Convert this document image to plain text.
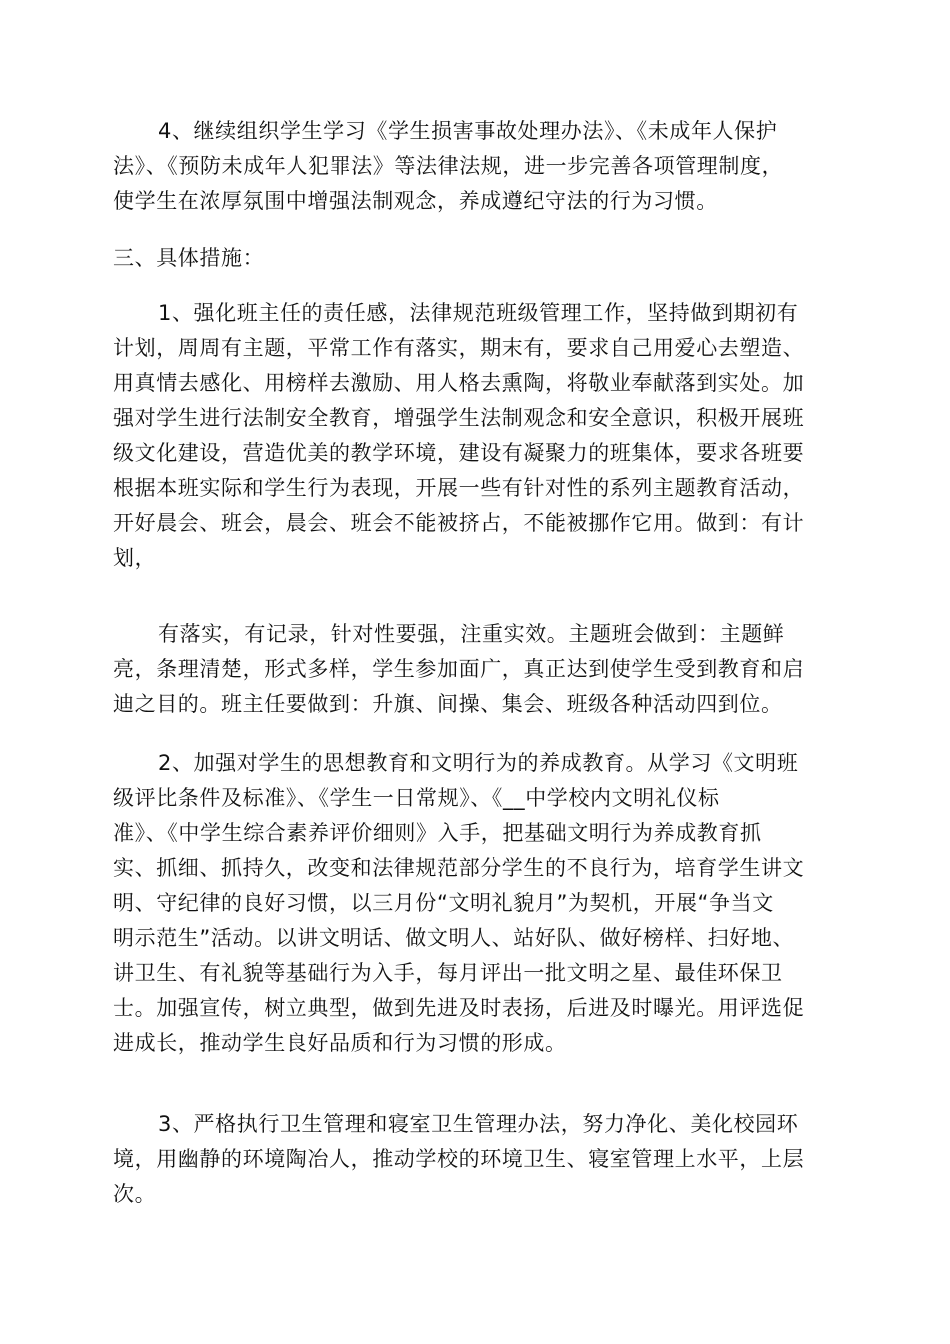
4、继续组织学生学习《学生损害事故处理办法》、《未成年人保护
法》、《预防未成年人犯罪法》等法律法规，进一步完善各项管理制度，
使学生在浓厚氛围中增强法制观念，养成遵纪守法的行为习惯。
三、具体措施：
1、强化班主任的责任感，法律规范班级管理工作，坚持做到期初有
计划，周周有主题，平常工作有落实，期末有，要求自己用爱心去塑造、
用真情去感化、用榜样去激励、用人格去熏陶，将敬业奉献落到实处。加
强对学生进行法制安全教育，增强学生法制观念和安全意识，积极开展班
级文化建设，营造优美的教学环境，建设有凝聚力的班集体，要求各班要
根据本班实际和学生行为表现，开展一些有针对性的系列主题教育活动，
开好晨会、班会，晨会、班会不能被挤占，不能被挪作它用。做到：有计
划，
有落实，有记录，针对性要强，注重实效。主题班会做到：主题鲜
亮，条理清楚，形式多样，学生参加面广，真正达到使学生受到教育和启
迪之目的。班主任要做到：升旗、间操、集会、班级各种活动四到位。
2、加强对学生的思想教育和文明行为的养成教育。从学习《文明班
级评比条件及标准》、《学生一日常规》、《__中学校内文明礼仪标
准》、《中学生综合素养评价细则》入手，把基础文明行为养成教育抓
实、抓细、抓持久，改变和法律规范部分学生的不良行为，培育学生讲文
明、守纪律的良好习惯，以三月份“文明礼貌月”为契机，开展“争当文
明示范生”活动。以讲文明话、做文明人、站好队、做好榜样、扫好地、
讲卫生、有礼貌等基础行为入手，每月评出一批文明之星、最佳环保卫
士。加强宣传，树立典型，做到先进及时表扬，后进及时曝光。用评选促
进成长，推动学生良好品质和行为习惯的形成。
3、严格执行卫生管理和寝室卫生管理办法，努力净化、美化校园环
境，用幽静的环境陶冶人，推动学校的环境卫生、寝室管理上水平，上层
次。
